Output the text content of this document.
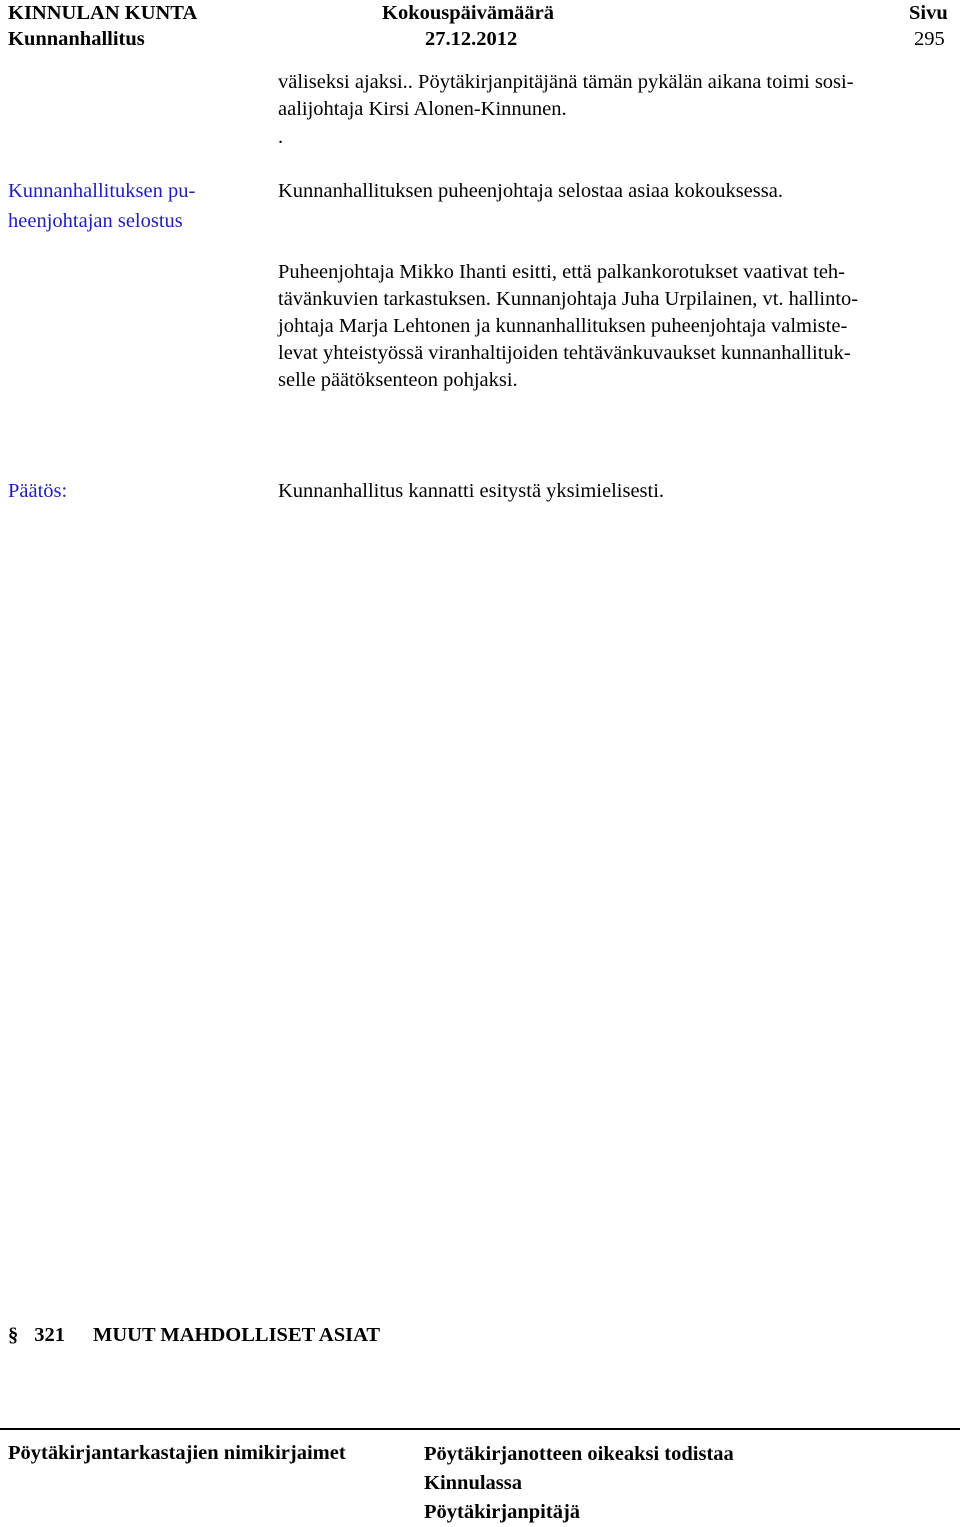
KINNULAN KUNTA
Kunnanhallitus
Kokouspäivämäärä
27.12.2012
Sivu
295
väliseksi ajaksi.. Pöytäkirjanpitäjänä tämän pykälän aikana toimi sosi-
aalijohtaja Kirsi Alonen-Kinnunen.
.
Kunnanhallituksen pu-
heenjohtajan selostus
Kunnanhallituksen puheenjohtaja selostaa asiaa kokouksessa.
Puheenjohtaja Mikko Ihanti esitti, että palkankorotukset vaativat teh-
tävänkuvien tarkastuksen. Kunnanjohtaja Juha Urpilainen, vt. hallinto-
johtaja Marja Lehtonen ja kunnanhallituksen puheenjohtaja valmiste-
levat yhteistyössä viranhaltijoiden tehtävänkuvaukset kunnanhallituk-
selle päätöksenteon pohjaksi.
Päätös:	Kunnanhallitus kannatti esitystä yksimielisesti.
§ 321 MUUT MAHDOLLISET ASIAT
Pöytäkirjantarkastajien nimikirjaimet	Pöytäkirjanotteen oikeaksi todistaa
Kinnulassa
Pöytäkirjanpitäjä
